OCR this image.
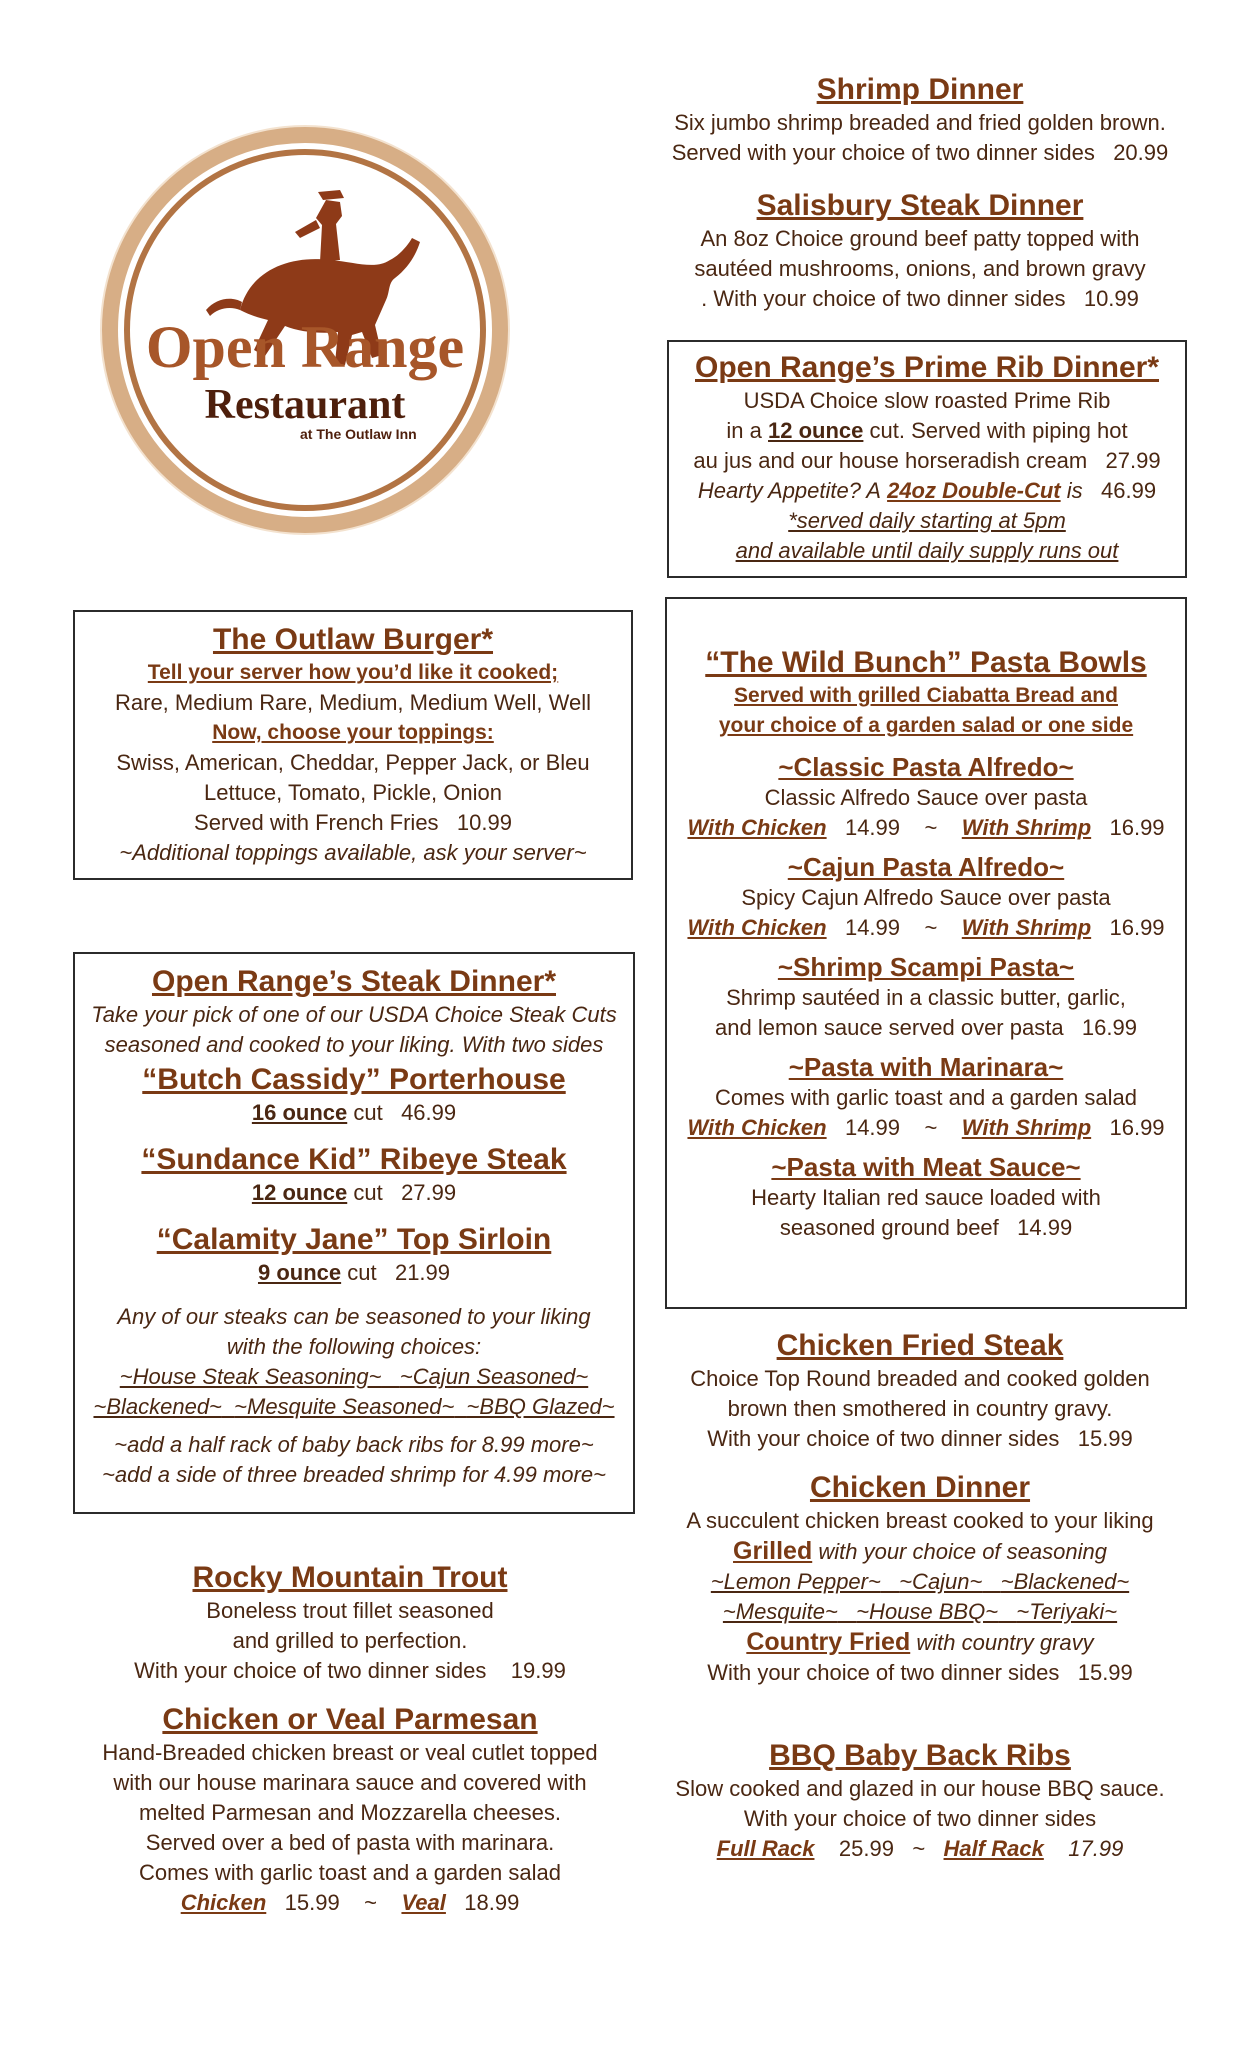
Open Range
Restaurant
at The Outlaw Inn
Shrimp Dinner
Six jumbo shrimp breaded and fried golden brown.
Served with your choice of two dinner sides 20.99
Salisbury Steak Dinner
An 8oz Choice ground beef patty topped with
sautéed mushrooms, onions, and brown gravy
. With your choice of two dinner sides 10.99
Open Range’s Prime Rib Dinner*
USDA Choice slow roasted Prime Rib
in a 12 ounce cut. Served with piping hot
au jus and our house horseradish cream 27.99
Hearty Appetite? A 24oz Double-Cut is 46.99
*served daily starting at 5pm
and available until daily supply runs out
The Outlaw Burger*
Tell your server how you’d like it cooked;
Rare, Medium Rare, Medium, Medium Well, Well
Now, choose your toppings:
Swiss, American, Cheddar, Pepper Jack, or Bleu
Lettuce, Tomato, Pickle, Onion
Served with French Fries 10.99
~Additional toppings available, ask your server~
“The Wild Bunch” Pasta Bowls
Served with grilled Ciabatta Bread and
your choice of a garden salad or one side
~Classic Pasta Alfredo~
Classic Alfredo Sauce over pasta
With Chicken 14.99 ~ With Shrimp 16.99
~Cajun Pasta Alfredo~
Spicy Cajun Alfredo Sauce over pasta
With Chicken 14.99 ~ With Shrimp 16.99
~Shrimp Scampi Pasta~
Shrimp sautéed in a classic butter, garlic,
and lemon sauce served over pasta 16.99
~Pasta with Marinara~
Comes with garlic toast and a garden salad
With Chicken 14.99 ~ With Shrimp 16.99
~Pasta with Meat Sauce~
Hearty Italian red sauce loaded with
seasoned ground beef 14.99
Open Range’s Steak Dinner*
Take your pick of one of our USDA Choice Steak Cuts
seasoned and cooked to your liking. With two sides
“Butch Cassidy” Porterhouse
16 ounce cut 46.99
“Sundance Kid” Ribeye Steak
12 ounce cut 27.99
“Calamity Jane” Top Sirloin
9 ounce cut 21.99
Any of our steaks can be seasoned to your liking
with the following choices:
~House Steak Seasoning~ ~Cajun Seasoned~
~Blackened~ ~Mesquite Seasoned~ ~BBQ Glazed~
~add a half rack of baby back ribs for 8.99 more~
~add a side of three breaded shrimp for 4.99 more~
Chicken Fried Steak
Choice Top Round breaded and cooked golden
brown then smothered in country gravy.
With your choice of two dinner sides 15.99
Chicken Dinner
A succulent chicken breast cooked to your liking
Grilled with your choice of seasoning
~Lemon Pepper~ ~Cajun~ ~Blackened~
~Mesquite~ ~House BBQ~ ~Teriyaki~
Country Fried with country gravy
With your choice of two dinner sides 15.99
Rocky Mountain Trout
Boneless trout fillet seasoned
and grilled to perfection.
With your choice of two dinner sides 19.99
Chicken or Veal Parmesan
Hand-Breaded chicken breast or veal cutlet topped
with our house marinara sauce and covered with
melted Parmesan and Mozzarella cheeses.
Served over a bed of pasta with marinara.
Comes with garlic toast and a garden salad
Chicken 15.99 ~ Veal 18.99
BBQ Baby Back Ribs
Slow cooked and glazed in our house BBQ sauce.
With your choice of two dinner sides
Full Rack 25.99 ~ Half Rack 17.99
